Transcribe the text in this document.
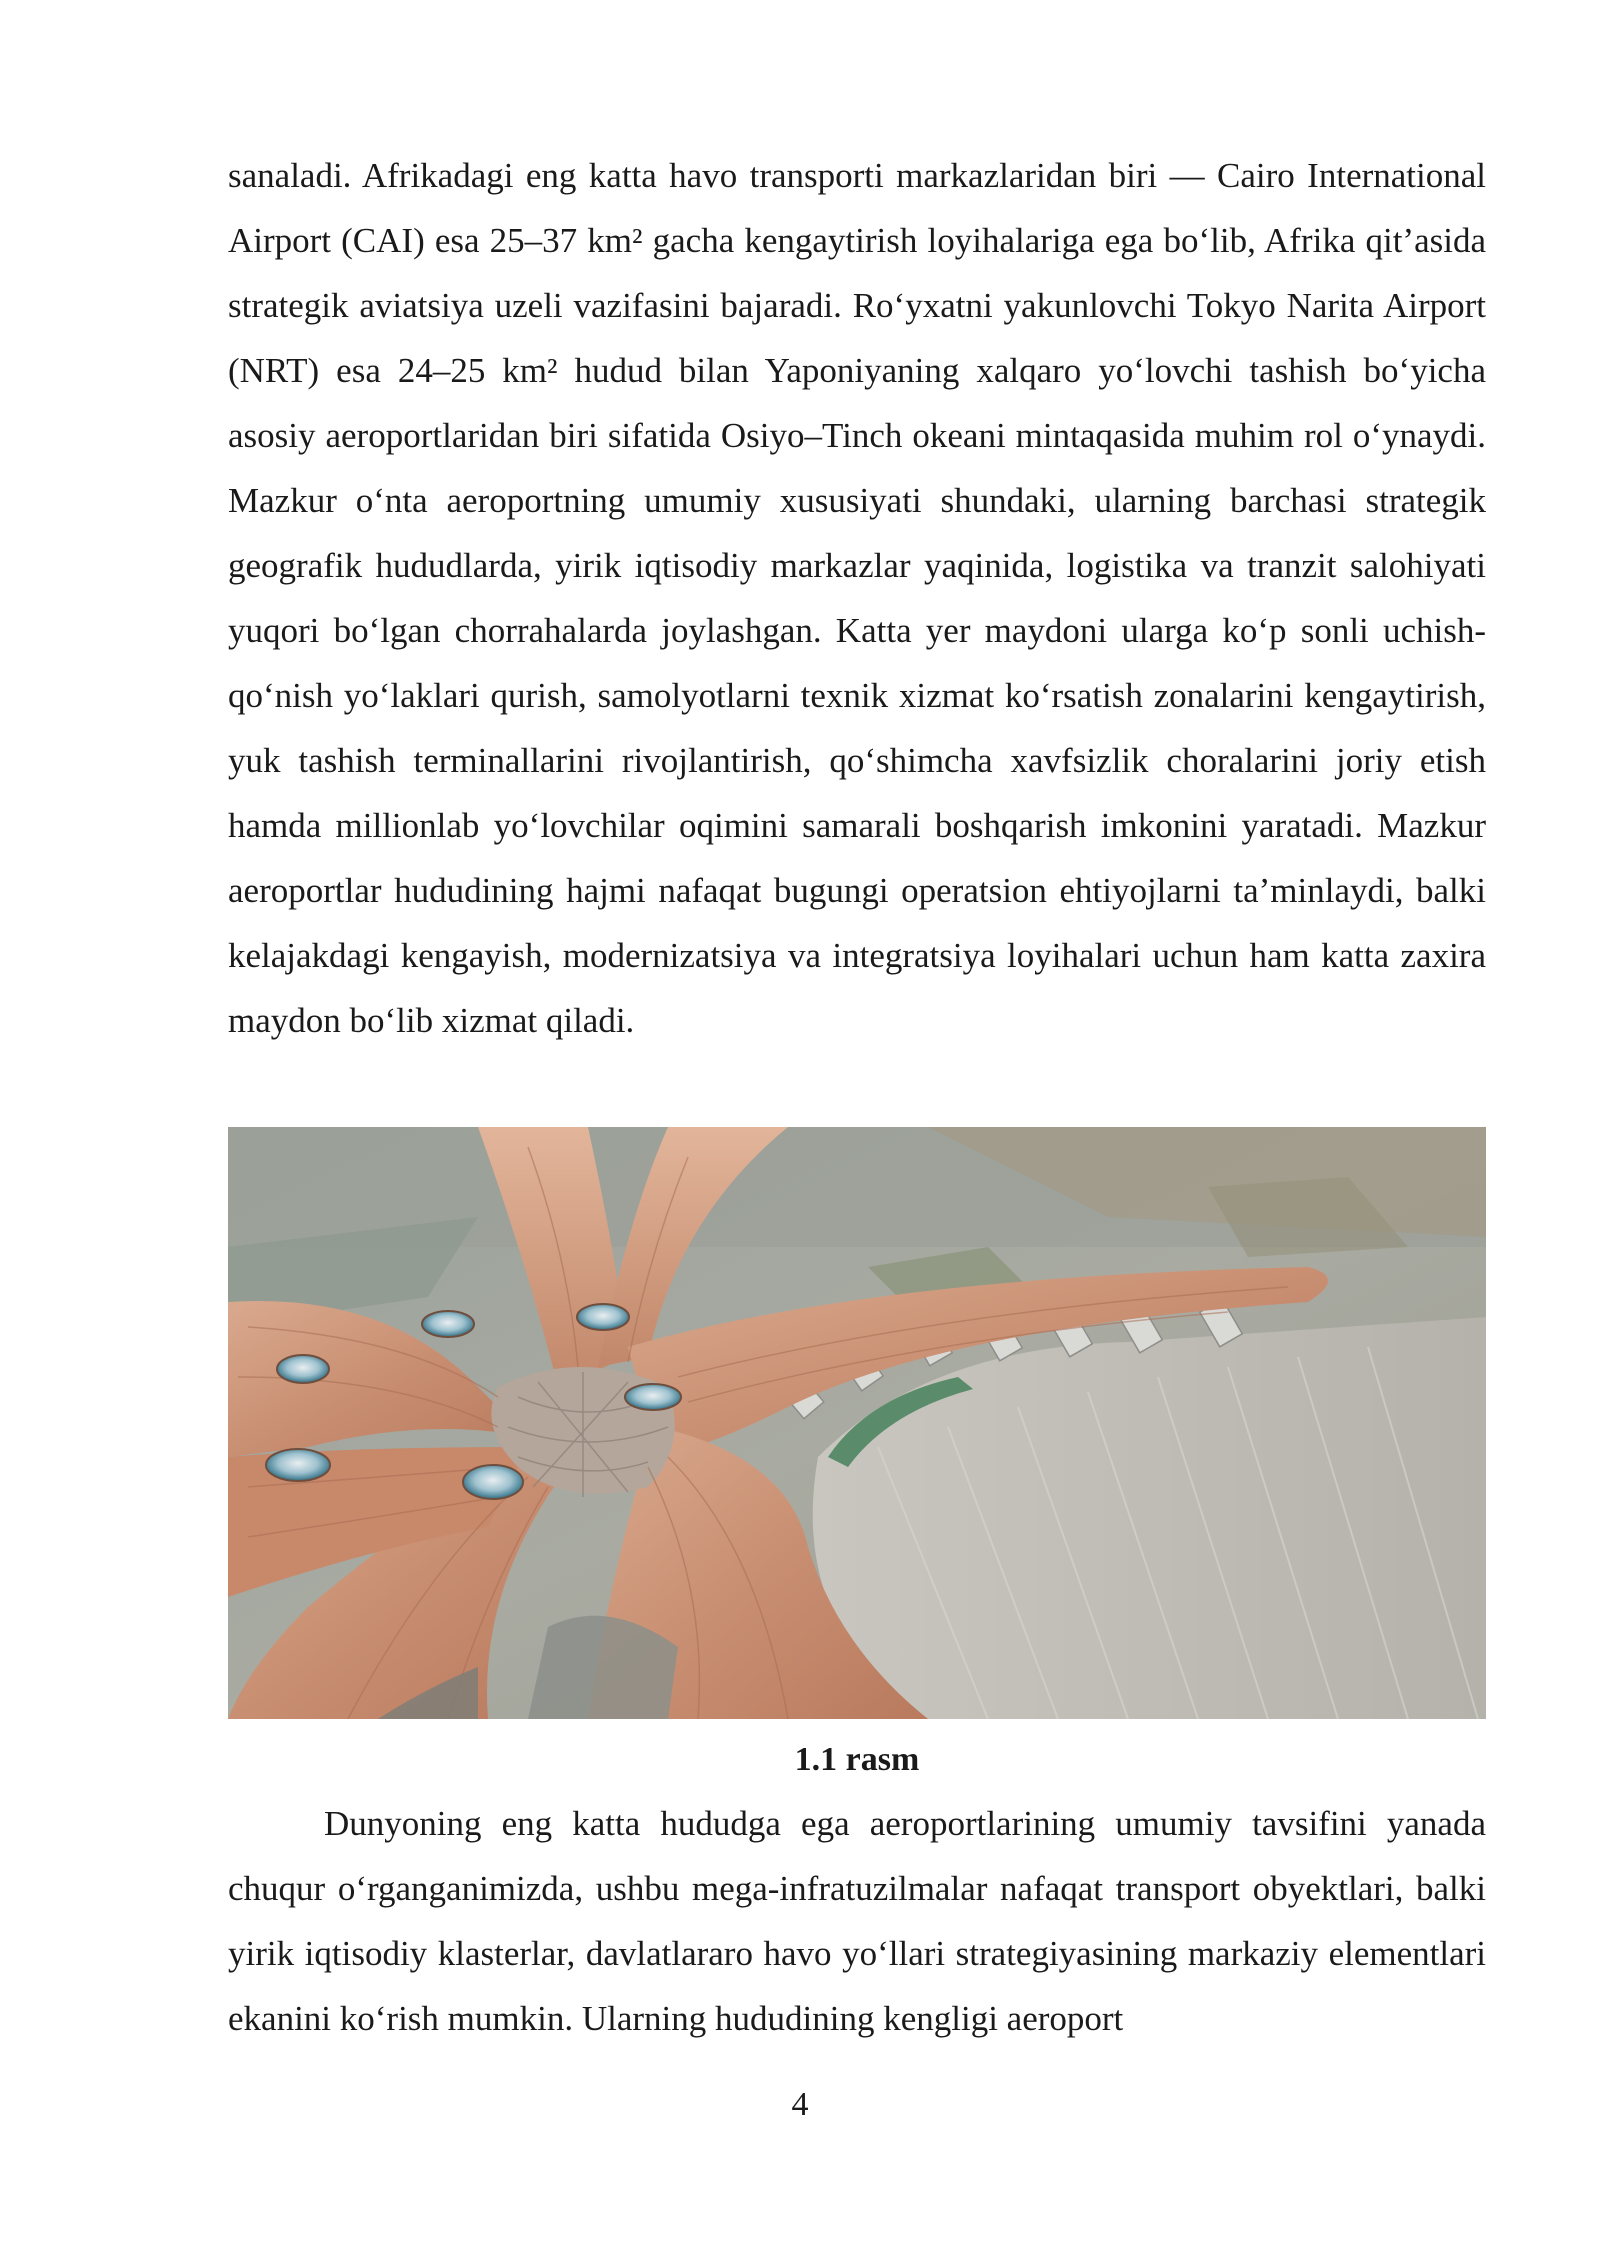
sanaladi. Afrikadagi eng katta havo transporti markazlaridan biri — Cairo International Airport (CAI) esa 25–37 km² gacha kengaytirish loyihalariga ega bo‘lib, Afrika qit’asida strategik aviatsiya uzeli vazifasini bajaradi. Ro‘yxatni yakunlovchi Tokyo Narita Airport (NRT) esa 24–25 km² hudud bilan Yaponiyaning xalqaro yo‘lovchi tashish bo‘yicha asosiy aeroportlaridan biri sifatida Osiyo–Tinch okeani mintaqasida muhim rol o‘ynaydi. Mazkur o‘nta aeroportning umumiy xususiyati shundaki, ularning barchasi strategik geografik hududlarda, yirik iqtisodiy markazlar yaqinida, logistika va tranzit salohiyati yuqori bo‘lgan chorrahalarda joylashgan. Katta yer maydoni ularga ko‘p sonli uchish-qo‘nish yo‘laklari qurish, samolyotlarni texnik xizmat ko‘rsatish zonalarini kengaytirish, yuk tashish terminallarini rivojlantirish, qo‘shimcha xavfsizlik choralarini joriy etish hamda millionlab yo‘lovchilar oqimini samarali boshqarish imkonini yaratadi. Mazkur aeroportlar hududining hajmi nafaqat bugungi operatsion ehtiyojlarni ta’minlaydi, balki kelajakdagi kengayish, modernizatsiya va integratsiya loyihalari uchun ham katta zaxira maydon bo‘lib xizmat qiladi.

1.1 rasm

Dunyoning eng katta hududga ega aeroportlarining umumiy tavsifini yanada chuqur o‘rganganimizda, ushbu mega-infratuzilmalar nafaqat transport obyektlari, balki yirik iqtisodiy klasterlar, davlatlararo havo yo‘llari strategiyasining markaziy elementlari ekanini ko‘rish mumkin. Ularning hududining kengligi aeroport

4
